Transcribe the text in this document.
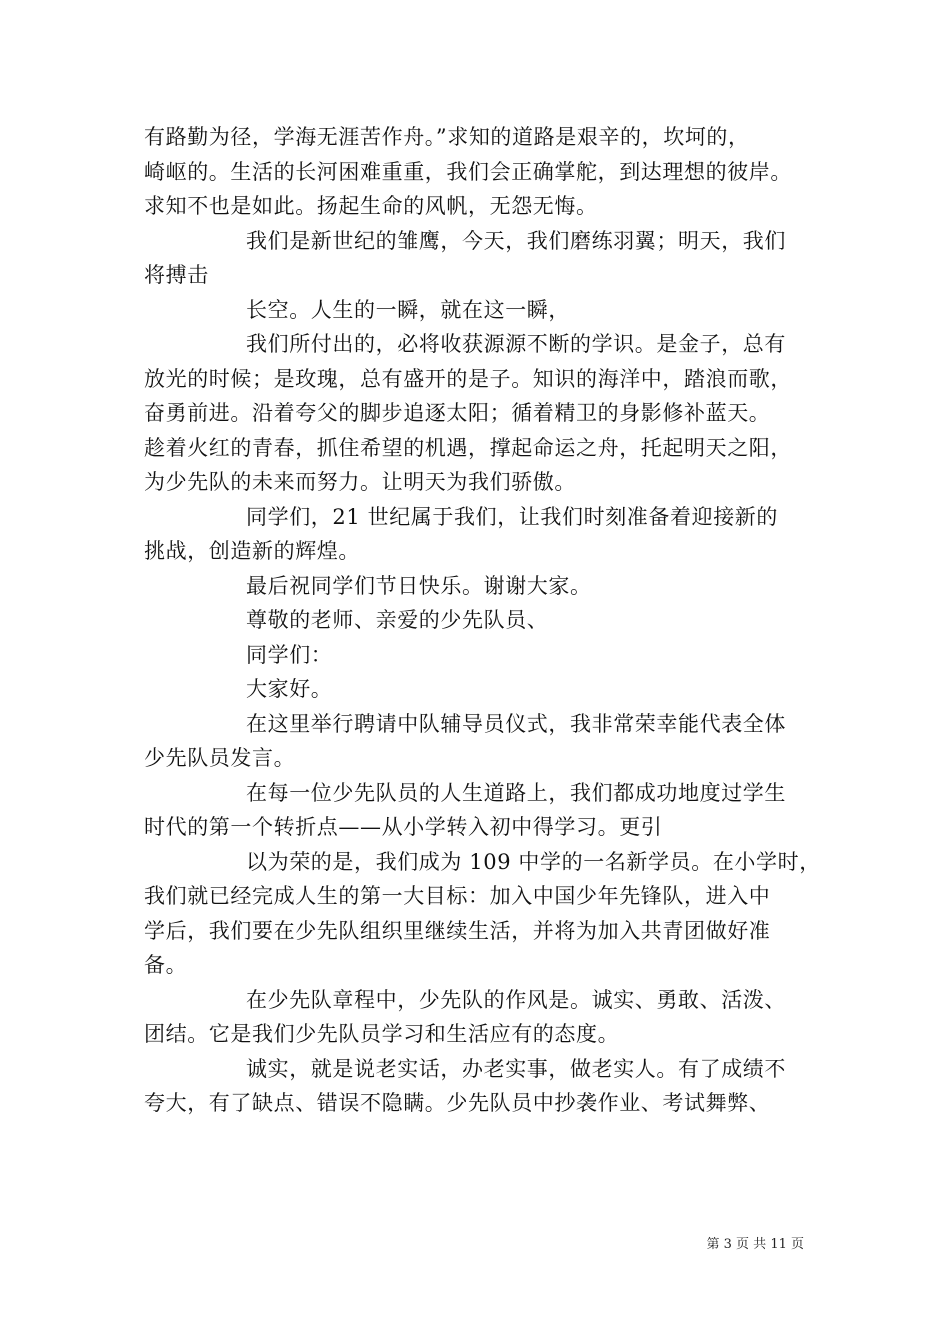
有路勤为径，学海无涯苦作舟。”求知的道路是艰辛的，坎坷的，
崎岖的。生活的长河困难重重，我们会正确掌舵，到达理想的彼岸。
求知不也是如此。扬起生命的风帆，无怨无悔。
我们是新世纪的雏鹰，今天，我们磨练羽翼；明天，我们
将搏击
长空。人生的一瞬，就在这一瞬，
我们所付出的，必将收获源源不断的学识。是金子，总有
放光的时候；是玫瑰，总有盛开的是子。知识的海洋中，踏浪而歌，
奋勇前进。沿着夸父的脚步追逐太阳；循着精卫的身影修补蓝天。
趁着火红的青春，抓住希望的机遇，撑起命运之舟，托起明天之阳，
为少先队的未来而努力。让明天为我们骄傲。
同学们，21 世纪属于我们，让我们时刻准备着迎接新的
挑战，创造新的辉煌。
最后祝同学们节日快乐。谢谢大家。
尊敬的老师、亲爱的少先队员、
同学们：
大家好。
在这里举行聘请中队辅导员仪式，我非常荣幸能代表全体
少先队员发言。
在每一位少先队员的人生道路上，我们都成功地度过学生
时代的第一个转折点——从小学转入初中得学习。更引
以为荣的是，我们成为 109 中学的一名新学员。在小学时，
我们就已经完成人生的第一大目标：加入中国少年先锋队，进入中
学后，我们要在少先队组织里继续生活，并将为加入共青团做好准
备。
在少先队章程中，少先队的作风是。诚实、勇敢、活泼、
团结。它是我们少先队员学习和生活应有的态度。
诚实，就是说老实话，办老实事，做老实人。有了成绩不
夸大，有了缺点、错误不隐瞒。少先队员中抄袭作业、考试舞弊、
第 3 页 共 11 页
